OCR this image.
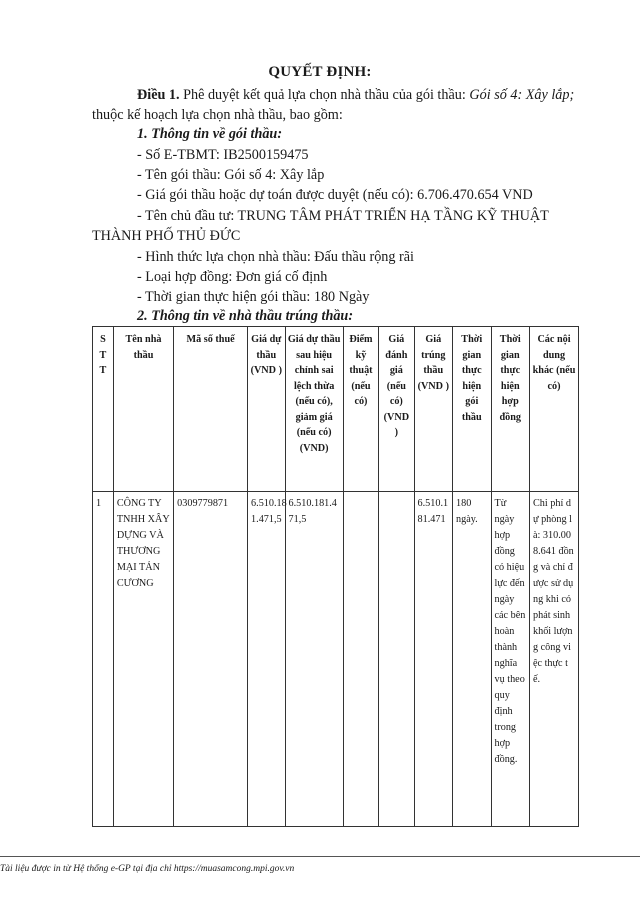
QUYẾT ĐỊNH:
Điều 1. Phê duyệt kết quả lựa chọn nhà thầu của gói thầu: Gói số 4: Xây lắp; thuộc kế hoạch lựa chọn nhà thầu, bao gồm:
1. Thông tin về gói thầu:
- Số E-TBMT: IB2500159475
- Tên gói thầu: Gói số 4: Xây lắp
- Giá gói thầu hoặc dự toán được duyệt (nếu có): 6.706.470.654 VND
- Tên chủ đầu tư: TRUNG TÂM PHÁT TRIỂN HẠ TẦNG KỸ THUẬT
THÀNH PHỐ THỦ ĐỨC
- Hình thức lựa chọn nhà thầu: Đấu thầu rộng rãi
- Loại hợp đồng: Đơn giá cố định
- Thời gian thực hiện gói thầu: 180 Ngày
2. Thông tin về nhà thầu trúng thầu:
S T T	Tên nhà thầu	Mã số thuế	Giá dự thầu (VND )	Giá dự thầu sau hiệu chỉnh sai lệch thừa (nếu có), giảm giá (nếu có) (VND)	Điểm kỹ thuật (nếu có)	Giá đánh giá (nếu có) (VND )	Giá trúng thầu (VND )	Thời gian thực hiện gói thầu	Thời gian thực hiện hợp đồng	Các nội dung khác (nếu có)
1	CÔNG TY TNHH XÂY DỰNG VÀ THƯƠNG MẠI TẢN CƯƠNG	0309779871	6.510.181.471,5	6.510.181.471,5			6.510.181.471	180 ngày.	Từ ngày hợp đồng có hiệu lực đến ngày các bên hoàn thành nghĩa vụ theo quy định trong hợp đồng.	Chi phí dự phòng là: 310.008.641 đồng và chỉ được sử dụng khi có phát sinh khối lượng công việc thực tế.
Tài liệu được in từ Hệ thống e-GP tại địa chỉ https://muasamcong.mpi.gov.vn
